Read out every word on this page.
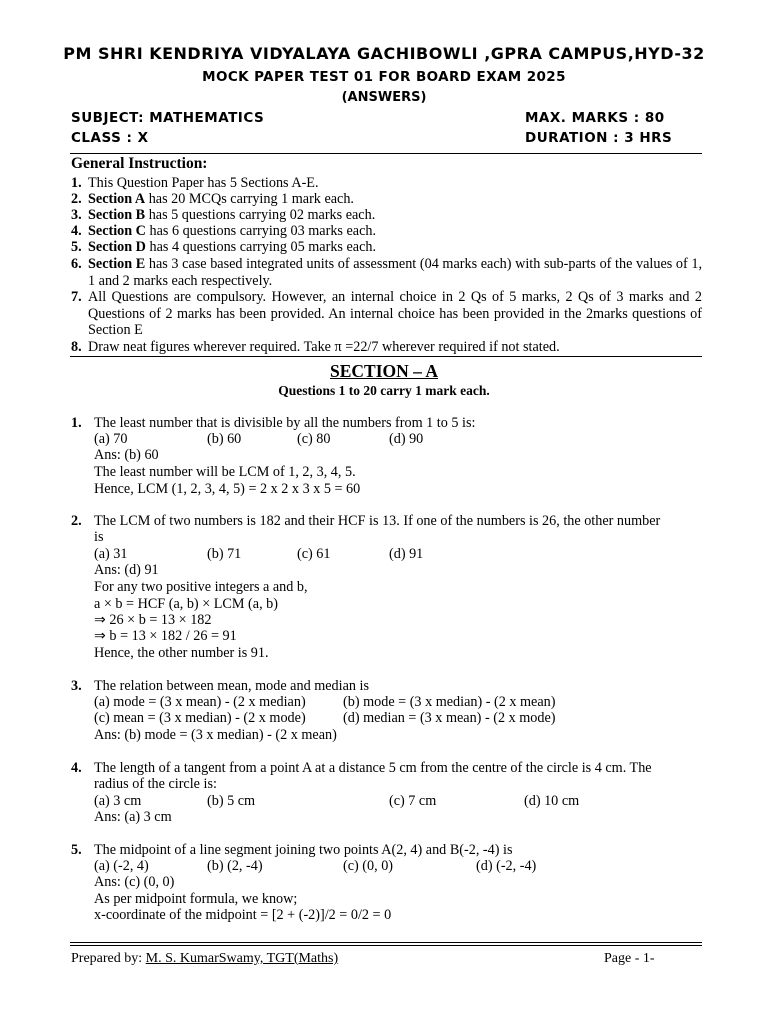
PM SHRI KENDRIYA VIDYALAYA GACHIBOWLI ,GPRA CAMPUS,HYD-32
MOCK PAPER TEST 01 FOR BOARD EXAM 2025
(ANSWERS)
SUBJECT: MATHEMATICS
CLASS : X
MAX. MARKS : 80
DURATION : 3 HRS
General Instruction:
1. This Question Paper has 5 Sections A-E.
2. Section A has 20 MCQs carrying 1 mark each.
3. Section B has 5 questions carrying 02 marks each.
4. Section C has 6 questions carrying 03 marks each.
5. Section D has 4 questions carrying 05 marks each.
6. Section E has 3 case based integrated units of assessment (04 marks each) with sub-parts of the values of 1, 1 and 2 marks each respectively.
7. All Questions are compulsory. However, an internal choice in 2 Qs of 5 marks, 2 Qs of 3 marks and 2 Questions of 2 marks has been provided. An internal choice has been provided in the 2marks questions of Section E
8. Draw neat figures wherever required. Take π =22/7 wherever required if not stated.
SECTION – A
Questions 1 to 20 carry 1 mark each.
1. The least number that is divisible by all the numbers from 1 to 5 is:
(a) 70	(b) 60	(c) 80	(d) 90
Ans: (b) 60
The least number will be LCM of 1, 2, 3, 4, 5.
Hence, LCM (1, 2, 3, 4, 5) = 2 x 2 x 3 x 5 = 60
2. The LCM of two numbers is 182 and their HCF is 13. If one of the numbers is 26, the other number
is
(a) 31	(b) 71	(c) 61	(d) 91
Ans: (d) 91
For any two positive integers a and b,
a × b = HCF (a, b) × LCM (a, b)
⇒ 26 × b = 13 × 182
⇒ b = 13 × 182 / 26 = 91
Hence, the other number is 91.
3. The relation between mean, mode and median is
(a) mode = (3 x mean) - (2 x median)	(b) mode = (3 x median) - (2 x mean)
(c) mean = (3 x median) - (2 x mode)	(d) median = (3 x mean) - (2 x mode)
Ans: (b) mode = (3 x median) - (2 x mean)
4. The length of a tangent from a point A at a distance 5 cm from the centre of the circle is 4 cm. The
radius of the circle is:
(a) 3 cm	(b) 5 cm	(c) 7 cm	(d) 10 cm
Ans: (a) 3 cm
5. The midpoint of a line segment joining two points A(2, 4) and B(-2, -4) is
(a) (-2, 4)	(b) (2, -4)	(c) (0, 0)	(d) (-2, -4)
Ans: (c) (0, 0)
As per midpoint formula, we know;
x-coordinate of the midpoint = [2 + (-2)]/2 = 0/2 = 0
Prepared by: M. S. KumarSwamy, TGT(Maths)	Page - 1-
